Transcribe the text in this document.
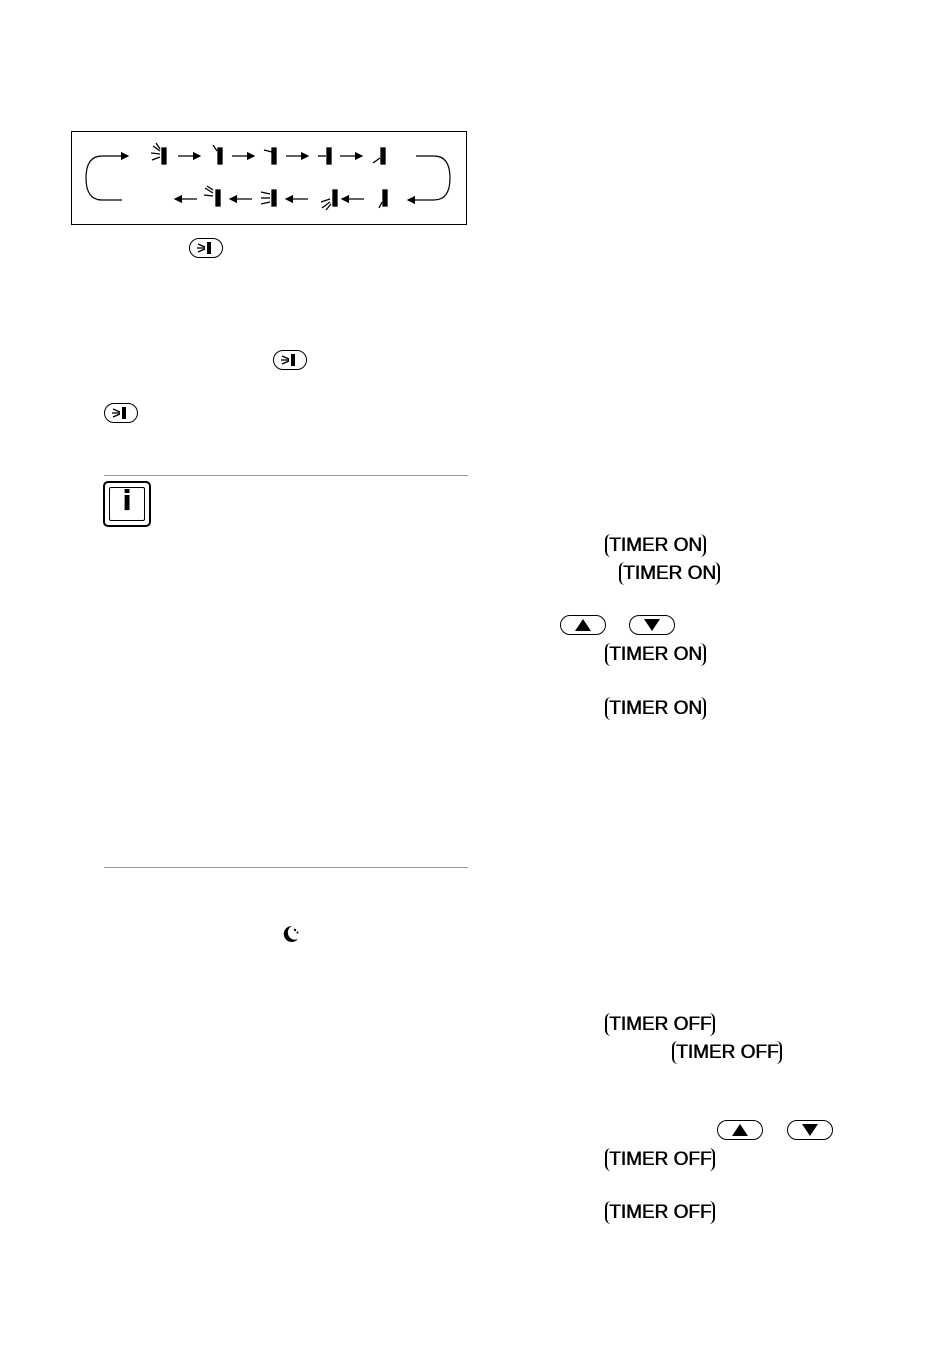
i
TIMER ON
TIMER ON
TIMER ON
TIMER ON
TIMER OFF
TIMER OFF
TIMER OFF
TIMER OFF
